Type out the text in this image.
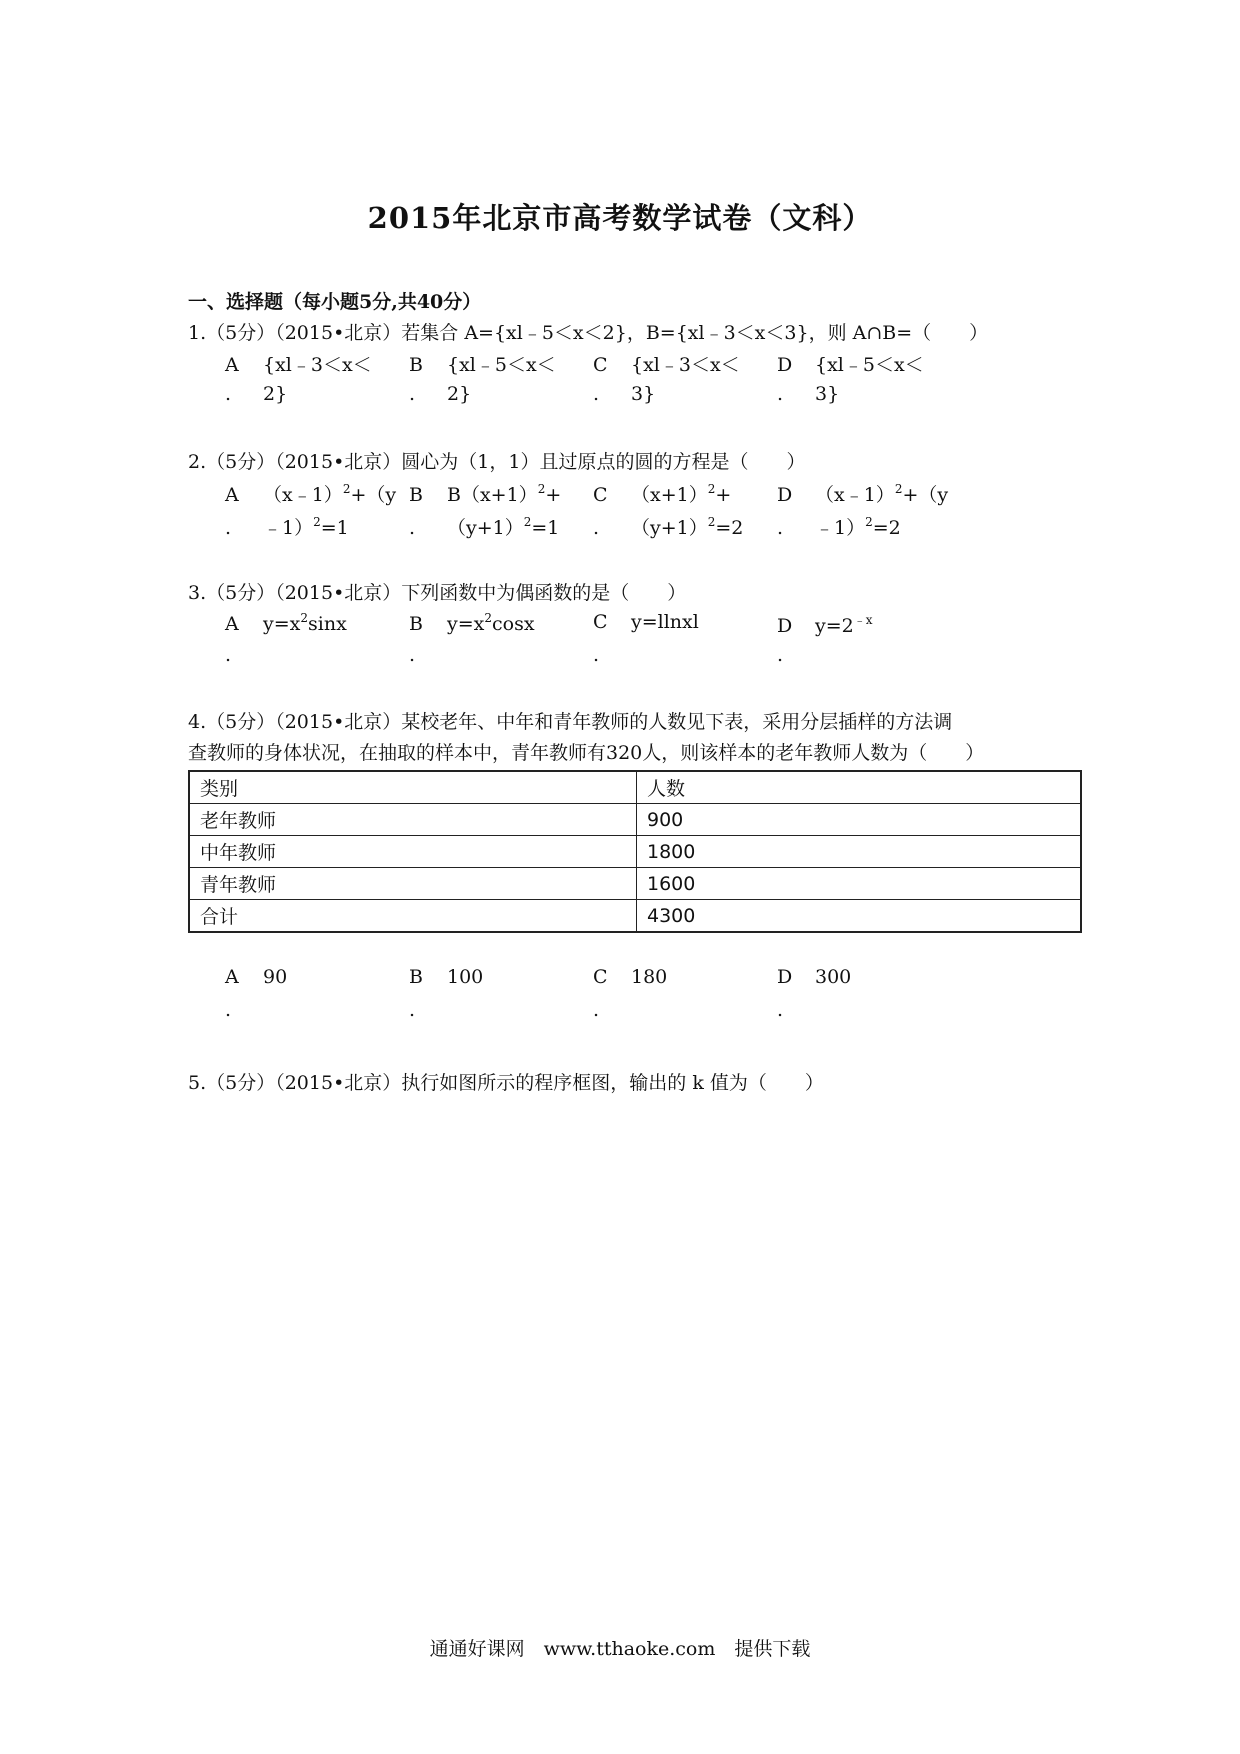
2015年北京市高考数学试卷（文科）
一、选择题（每小题5分,共40分）
1.（5分）（2015•北京）若集合 A={xl﹣5＜x＜2}，B={xl﹣3＜x＜3}，则 A∩B=（　　）
A {xl﹣3＜x＜
. 2}
B {xl﹣5＜x＜
. 2}
C {xl﹣3＜x＜
. 3}
D {xl﹣5＜x＜
. 3}
2.（5分）（2015•北京）圆心为（1，1）且过原点的圆的方程是（　　）
A （x﹣1）$^2$+（y
. ﹣1）$^2$=1
B $B(x+1)^2+$
. $(y+1)^2=1$
C $(x+1)^2+$
. $(y+1)^2=2$
D （x﹣1）$^2$+（y
. ﹣1）$^2$=2
3.（5分）（2015•北京）下列函数中为偶函数的是（　　）
A $y=x^2\sin x$
.
B $y=x^2\cos x$
.
C y=llnxl
.
D $y=2^{﹣x}$
.
4.（5分）（2015•北京）某校老年、中年和青年教师的人数见下表，采用分层插样的方法调
查教师的身体状况，在抽取的样本中，青年教师有320人，则该样本的老年教师人数为（　　）
类别	人数
老年教师	900
中年教师	1800
青年教师	1600
合计	4300
A 90
.
B 100
.
C 180
.
D 300
.
5.（5分）（2015•北京）执行如图所示的程序框图，输出的 k 值为（　　）
通通好课网　www.tthaoke.com　提供下载
